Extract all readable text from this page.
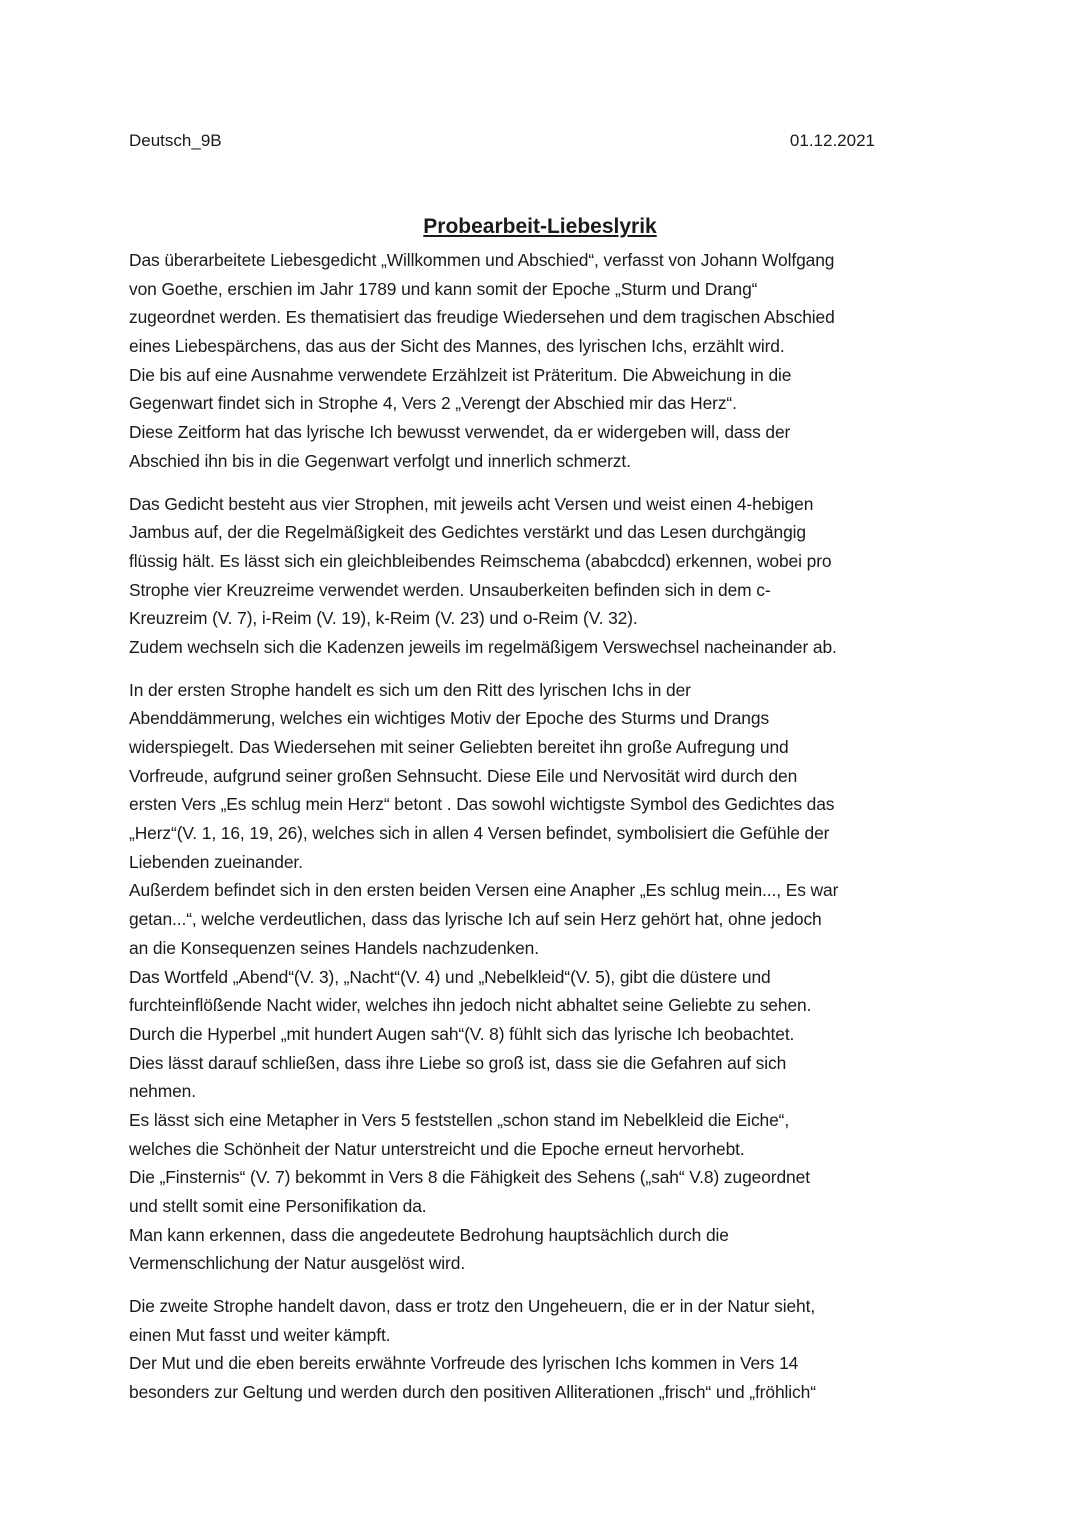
Deutsch_9B	01.12.2021
Probearbeit-Liebeslyrik
Das überarbeitete Liebesgedicht „Willkommen und Abschied“, verfasst von Johann Wolfgang
von Goethe, erschien im Jahr 1789 und kann somit der Epoche „Sturm und Drang“
zugeordnet werden. Es thematisiert das freudige Wiedersehen und dem tragischen Abschied
eines Liebespärchens, das aus der Sicht des Mannes, des lyrischen Ichs, erzählt wird.
Die bis auf eine Ausnahme verwendete Erzählzeit ist Präteritum. Die Abweichung in die
Gegenwart findet sich in Strophe 4, Vers 2 „Verengt der Abschied mir das Herz“.
Diese Zeitform hat das lyrische Ich bewusst verwendet, da er widergeben will, dass der
Abschied ihn bis in die Gegenwart verfolgt und innerlich schmerzt.
Das Gedicht besteht aus vier Strophen, mit jeweils acht Versen und weist einen 4-hebigen
Jambus auf, der die Regelmäßigkeit des Gedichtes verstärkt und das Lesen durchgängig
flüssig hält. Es lässt sich ein gleichbleibendes Reimschema (ababcdcd) erkennen, wobei pro
Strophe vier Kreuzreime verwendet werden. Unsauberkeiten befinden sich in dem c-
Kreuzreim (V. 7), i-Reim (V. 19), k-Reim (V. 23) und o-Reim (V. 32).
Zudem wechseln sich die Kadenzen jeweils im regelmäßigem Verswechsel nacheinander ab.
In der ersten Strophe handelt es sich um den Ritt des lyrischen Ichs in der
Abenddämmerung, welches ein wichtiges Motiv der Epoche des Sturms und Drangs
widerspiegelt. Das Wiedersehen mit seiner Geliebten bereitet ihn große Aufregung und
Vorfreude, aufgrund seiner großen Sehnsucht. Diese Eile und Nervosität wird durch den
ersten Vers „Es schlug mein Herz“ betont . Das sowohl wichtigste Symbol des Gedichtes das
„Herz“(V. 1, 16, 19, 26), welches sich in allen 4 Versen befindet, symbolisiert die Gefühle der
Liebenden zueinander.
Außerdem befindet sich in den ersten beiden Versen eine Anapher „Es schlug mein..., Es war
getan...“, welche verdeutlichen, dass das lyrische Ich auf sein Herz gehört hat, ohne jedoch
an die Konsequenzen seines Handels nachzudenken.
Das Wortfeld „Abend“(V. 3), „Nacht“(V. 4) und „Nebelkleid“(V. 5), gibt die düstere und
furchteinflößende Nacht wider, welches ihn jedoch nicht abhaltet seine Geliebte zu sehen.
Durch die Hyperbel „mit hundert Augen sah“(V. 8) fühlt sich das lyrische Ich beobachtet.
Dies lässt darauf schließen, dass ihre Liebe so groß ist, dass sie die Gefahren auf sich
nehmen.
Es lässt sich eine Metapher in Vers 5 feststellen „schon stand im Nebelkleid die Eiche“,
welches die Schönheit der Natur unterstreicht und die Epoche erneut hervorhebt.
Die „Finsternis“ (V. 7) bekommt in Vers 8 die Fähigkeit des Sehens („sah“ V.8) zugeordnet
und stellt somit eine Personifikation da.
Man kann erkennen, dass die angedeutete Bedrohung hauptsächlich durch die
Vermenschlichung der Natur ausgelöst wird.
Die zweite Strophe handelt davon, dass er trotz den Ungeheuern, die er in der Natur sieht,
einen Mut fasst und weiter kämpft.
Der Mut und die eben bereits erwähnte Vorfreude des lyrischen Ichs kommen in Vers 14
besonders zur Geltung und werden durch den positiven Alliterationen „frisch“ und „fröhlich“
